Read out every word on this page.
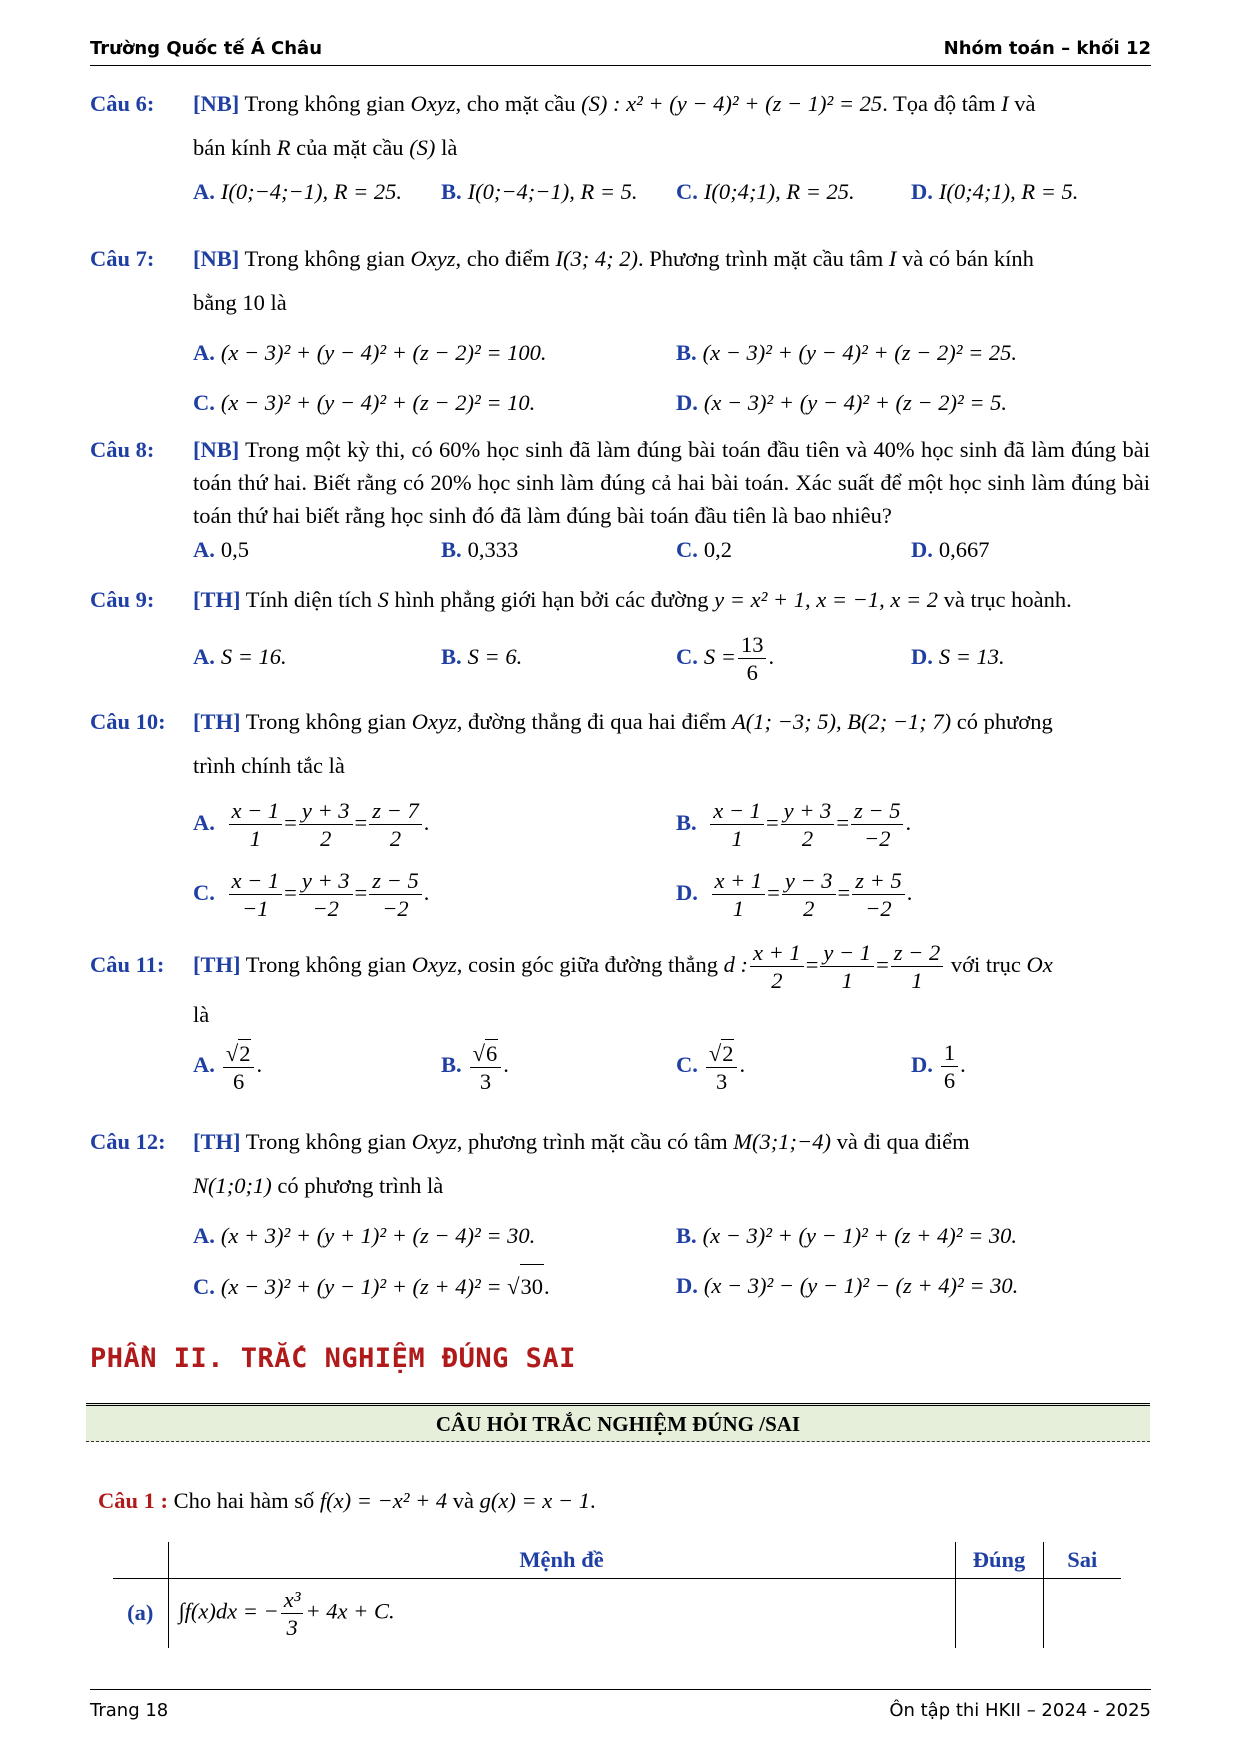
Trường Quốc tế Á Châu	Nhóm toán – khối 12
Câu 6: [NB] Trong không gian Oxyz, cho mặt cầu (S) : x² + (y − 4)² + (z − 1)² = 25. Tọa độ tâm I và
bán kính R của mặt cầu (S) là
A. I(0;−4;−1), R = 25. B. I(0;−4;−1), R = 5. C. I(0;4;1), R = 25.	D. I(0;4;1), R = 5.
Câu 7: [NB] Trong không gian Oxyz, cho điểm I(3; 4; 2). Phương trình mặt cầu tâm I và có bán kính
bằng 10 là
A. (x − 3)² + (y − 4)² + (z − 2)² = 100.	B. (x − 3)² + (y − 4)² + (z − 2)² = 25.
C. (x − 3)² + (y − 4)² + (z − 2)² = 10.	D. (x − 3)² + (y − 4)² + (z − 2)² = 5.
Câu 8: [NB] Trong một kỳ thi, có 60% học sinh đã làm đúng bài toán đầu tiên và 40% học sinh đã làm đúng bài toán thứ hai. Biết rằng có 20% học sinh làm đúng cả hai bài toán. Xác suất để một học sinh làm đúng bài toán thứ hai biết rằng học sinh đó đã làm đúng bài toán đầu tiên là bao nhiêu?
A. 0,5	B. 0,333	C. 0,2	D. 0,667
Câu 9: [TH] Tính diện tích S hình phẳng giới hạn bởi các đường y = x² + 1, x = −1, x = 2 và trục hoành.
A. S = 16.	B. S = 6.	C. $S = \frac{13}{6}$ .	D. S = 13.
Câu 10: [TH] Trong không gian Oxyz, đường thẳng đi qua hai điểm A(1; −3; 5), B(2; −1; 7) có phương
trình chính tắc là
A. $\frac{x - 1}{1} = \frac{y + 3}{2} = \frac{z - 7}{2}$ .	B. $\frac{x - 1}{1} = \frac{y + 3}{2} = \frac{z - 5}{-2}$ .
C. $\frac{x - 1}{-1} = \frac{y + 3}{-2} = \frac{z - 5}{-2}$ .	D. $\frac{x + 1}{1} = \frac{y - 3}{2} = \frac{z + 5}{-2}$ .
Câu 11: [TH] Trong không gian Oxyz, cosin góc giữa đường thẳng d : $\frac{x + 1}{2} = \frac{y - 1}{1} = \frac{z - 2}{1}$ với trục Ox
là
A. $\frac{√2}{6}$ .	B. $\frac{√6}{3}$ .	C. $\frac{√2}{3}$ .	D. $\frac{1}{6}$ .
Câu 12: [TH] Trong không gian Oxyz, phương trình mặt cầu có tâm M(3;1;−4) và đi qua điểm
N(1;0;1) có phương trình là
A. (x + 3)² + (y + 1)² + (z − 4)² = 30.	B. (x − 3)² + (y − 1)² + (z + 4)² = 30.
C. (x − 3)² + (y − 1)² + (z + 4)² = √30.	D. (x − 3)² − (y − 1)² − (z + 4)² = 30.
PHẦN II. TRẮC NGHIỆM ĐÚNG SAI
CÂU HỎI TRẮC NGHIỆM ĐÚNG /SAI
Câu 1 : Cho hai hàm số f(x) = −x² + 4 và g(x) = x − 1.
	Mệnh đề	Đúng	Sai
(a)	∫f(x)dx = − $\frac{\text{x³}}{3} + 4x + C$.		
Trang 18	Ôn tập thi HKII – 2024 - 2025
